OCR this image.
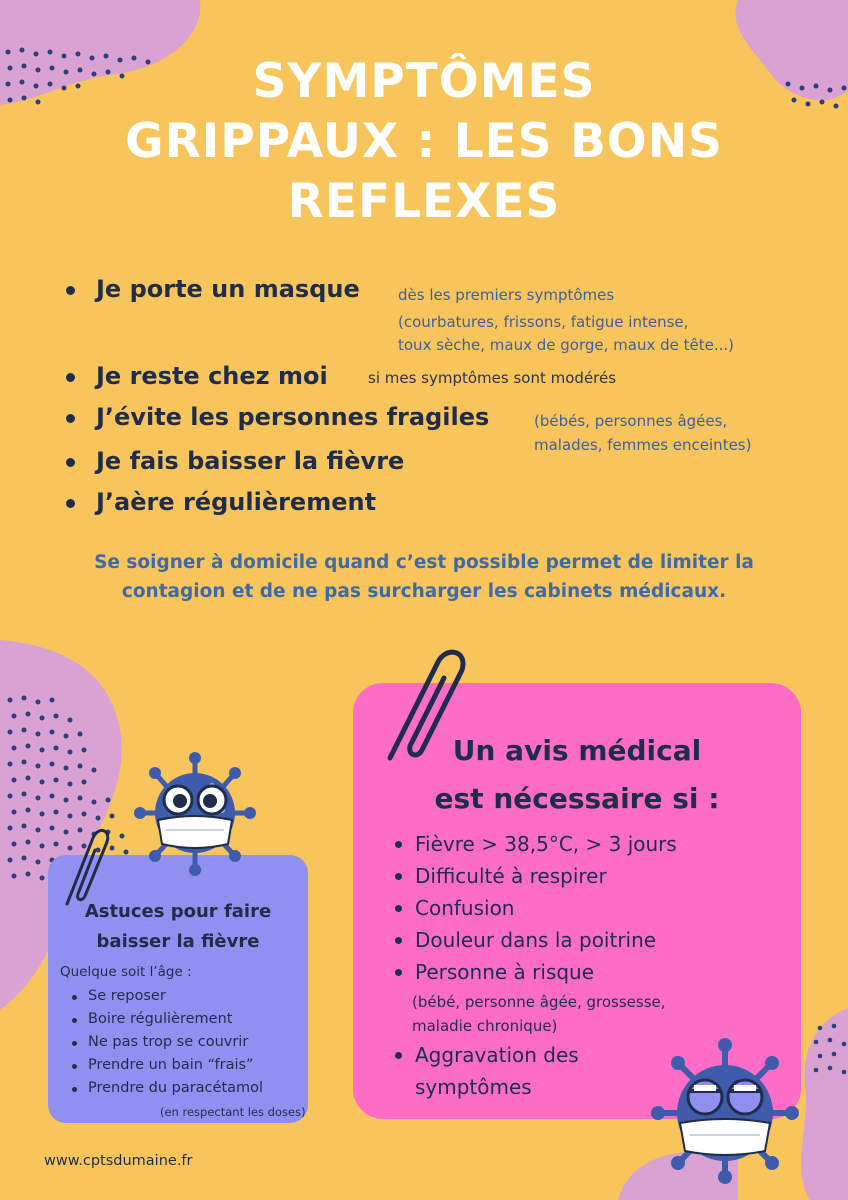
SYMPTÔMES
GRIPPAUX : LES BONS
REFLEXES
Je porte un masque	dès les premiers symptômes
(courbatures, frissons, fatigue intense,
toux sèche, maux de gorge, maux de tête...)
Je reste chez moi	si mes symptômes sont modérés
J’évite les personnes fragiles	(bébés, personnes âgées,
malades, femmes enceintes)
Je fais baisser la fièvre
J’aère régulièrement

Se soigner à domicile quand c’est possible permet de limiter la
contagion et de ne pas surcharger les cabinets médicaux.

Un avis médical
est nécessaire si :
Fièvre > 38,5°C, > 3 jours
Difficulté à respirer
Confusion
Douleur dans la poitrine
Personne à risque
(bébé, personne âgée, grossesse,
maladie chronique)
Aggravation des
symptômes
Astuces pour faire
baisser la fièvre
Quelque soit l’âge :
Se reposer
Boire régulièrement
Ne pas trop se couvrir
Prendre un bain “frais”
Prendre du paracétamol
(en respectant les doses)
www.cptsdumaine.fr
